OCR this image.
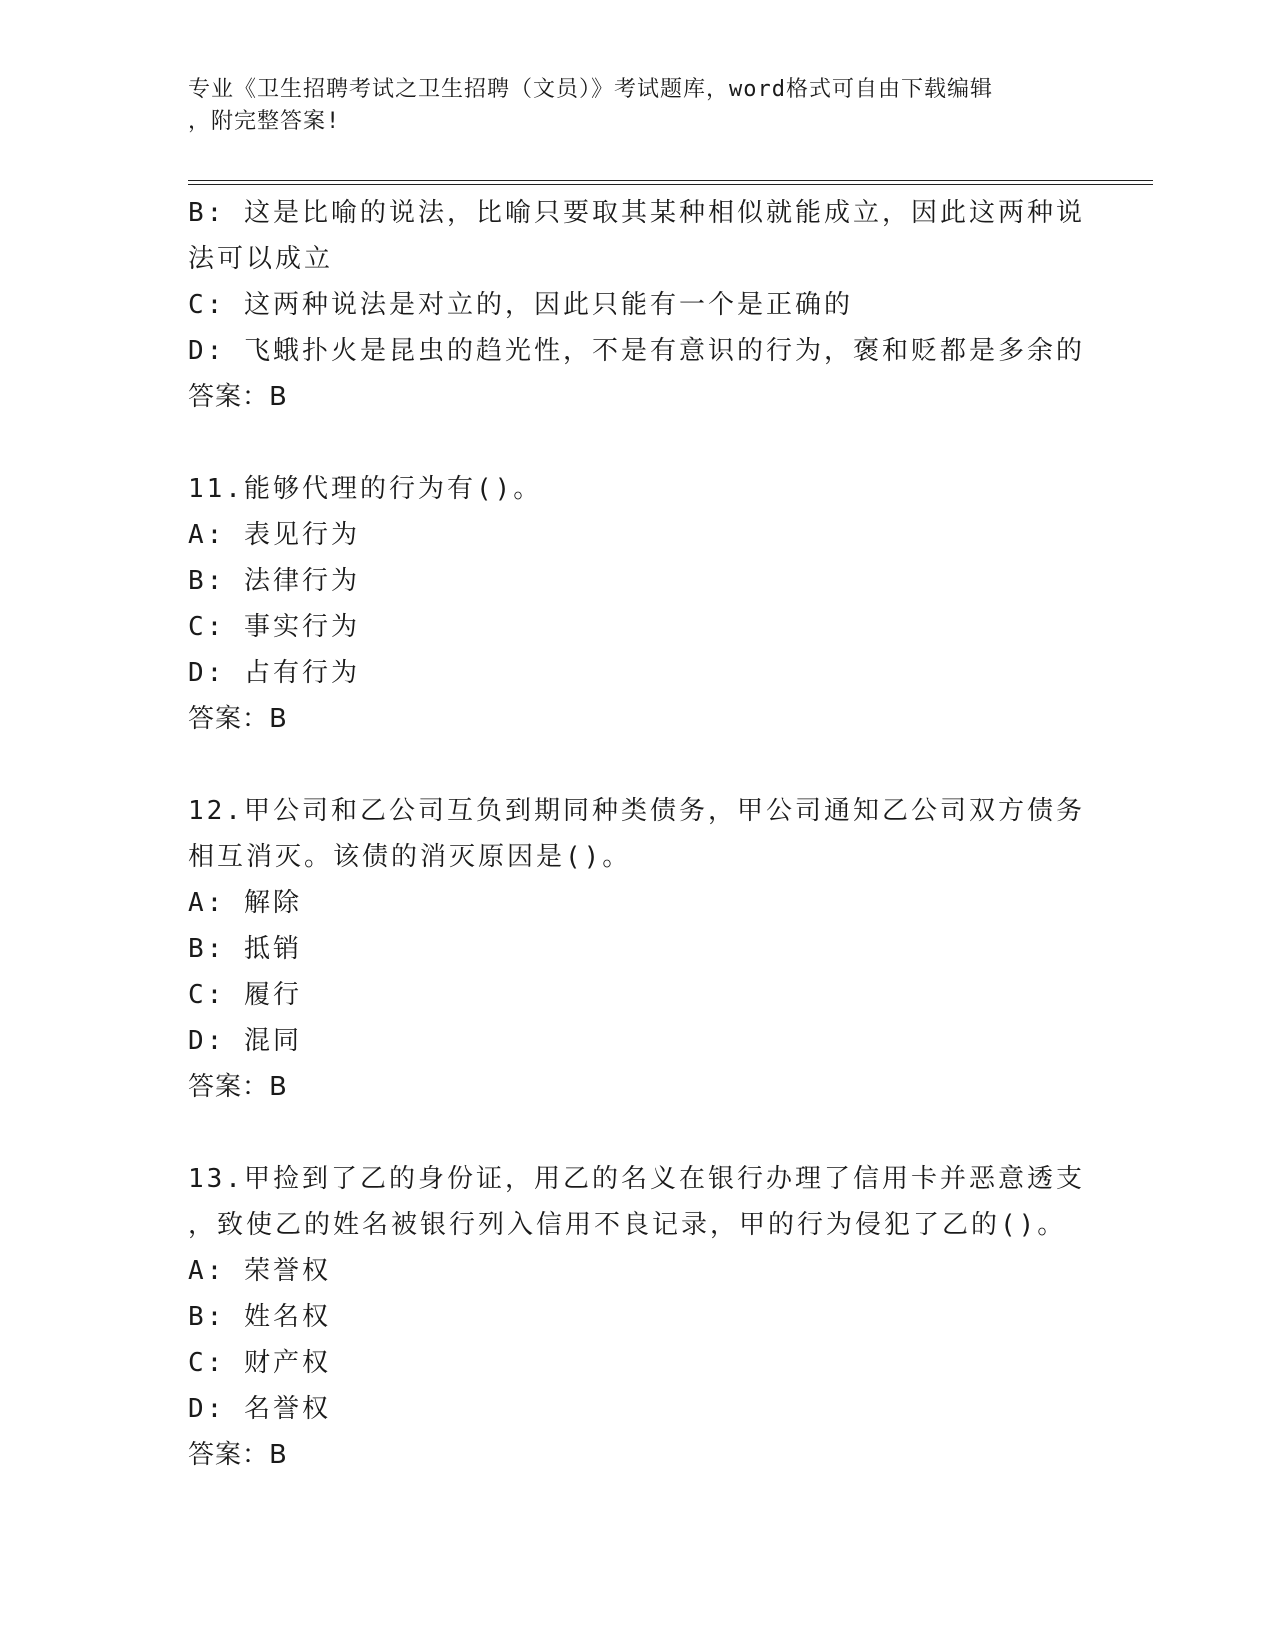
专业《卫生招聘考试之卫生招聘（文员）》考试题库，word格式可自由下载编辑
，附完整答案!
B: 这是比喻的说法，比喻只要取其某种相似就能成立，因此这两种说
法可以成立
C: 这两种说法是对立的，因此只能有一个是正确的
D: 飞蛾扑火是昆虫的趋光性，不是有意识的行为，褒和贬都是多余的
答案：B
11.能够代理的行为有()。
A: 表见行为
B: 法律行为
C: 事实行为
D: 占有行为
答案：B
12.甲公司和乙公司互负到期同种类债务，甲公司通知乙公司双方债务
相互消灭。该债的消灭原因是()。
A: 解除
B: 抵销
C: 履行
D: 混同
答案：B
13.甲捡到了乙的身份证，用乙的名义在银行办理了信用卡并恶意透支
，致使乙的姓名被银行列入信用不良记录，甲的行为侵犯了乙的()。
A: 荣誉权
B: 姓名权
C: 财产权
D: 名誉权
答案：B
